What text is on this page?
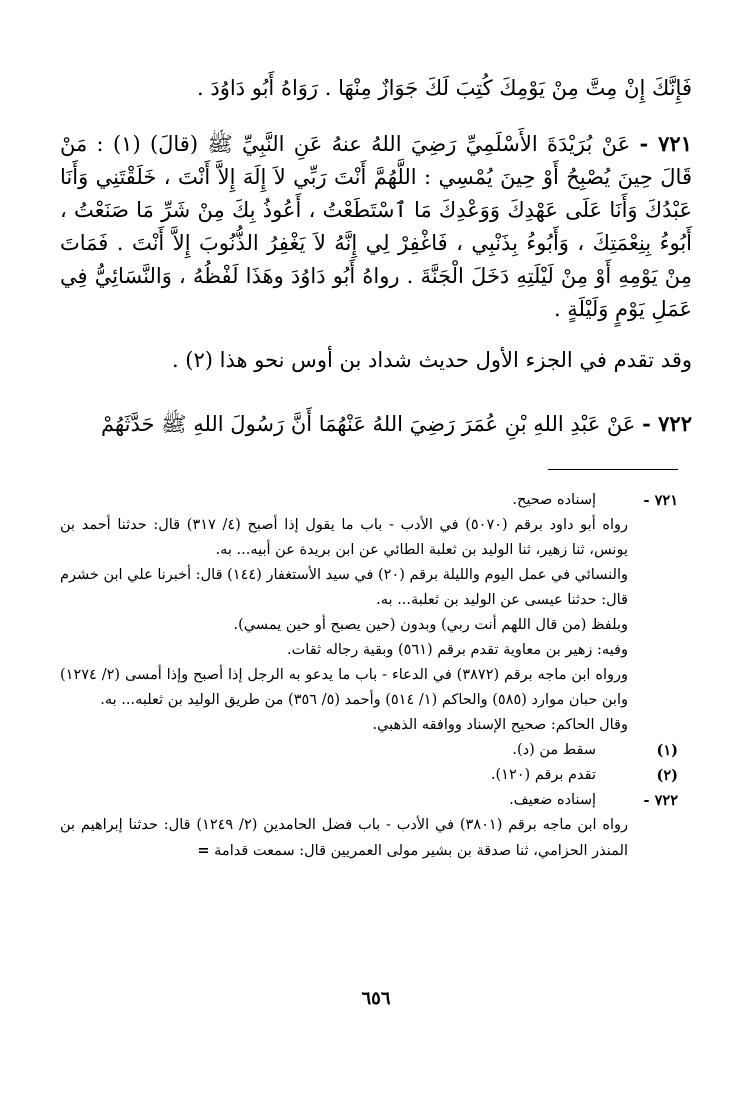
فَإِنَّكَ إِنْ مِتَّ مِنْ يَوْمِكَ كُتِبَ لَكَ جَوَازٌ مِنْهَا . رَوَاهُ أَبُو دَاوُدَ .

٧٢١ - عَنْ بُرَيْدَةَ الأَسْلَمِيِّ رَضِيَ اللهُ عنهُ عَنِ النَّبِيِّ ﷺ (قالَ) (١) : مَنْ قَالَ حِينَ يُصْبِحُ أَوْ حِينَ يُمْسِي : اللَّهُمَّ أَنْتَ رَبِّي لاَ إِلَهَ إِلاَّ أَنْتَ ، خَلَقْتَنِي وَأَنَا عَبْدُكَ وَأَنَا عَلَى عَهْدِكَ وَوَعْدِكَ مَا ٱسْتَطَعْتُ ، أَعُوذُ بِكَ مِنْ شَرِّ مَا صَنَعْتُ ، أَبُوءُ بِنِعْمَتِكَ ، وَأَبُوءُ بِذَنْبِي ، فَاغْفِرْ لِي إِنَّهُ لاَ يَغْفِرُ الذُّنُوبَ إِلاَّ أَنْتَ . فَمَاتَ مِنْ يَوْمِهِ أَوْ مِنْ لَيْلَتِهِ دَخَلَ الْجَنَّةَ . رواهُ أَبُو دَاوُدَ وهَذَا لَفْظُهُ ، وَالنَّسَائِيُّ فِي عَمَلِ يَوْمٍ وَلَيْلَةٍ .

وقد تقدم في الجزء الأول حديث شداد بن أوس نحو هذا (٢) .

٧٢٢ - عَنْ عَبْدِ اللهِ بْنِ عُمَرَ رَضِيَ اللهُ عَنْهُمَا أَنَّ رَسُولَ اللهِ ﷺ حَدَّثَهُمْ

٧٢١ -
إسناده صحيح.
رواه أبو داود برقم (٥٠٧٠) في الأدب - باب ما يقول إذا أصبح (٤/ ٣١٧) قال: حدثنا أحمد بن يونس، ثنا زهير، ثنا الوليد بن ثعلبة الطائي عن ابن بريدة عن أبيه... به.
والنسائي في عمل اليوم والليلة برقم (٢٠) في سيد الأستغفار (١٤٤) قال: أخبرنا علي ابن خشرم قال: حدثنا عيسى عن الوليد بن ثعلبة... به.
وبلفظ (من قال اللهم أنت ربي) وبدون (حين يصبح أو حين يمسي).
وفيه: زهير بن معاوية تقدم برقم (٥٦١) وبقية رجاله ثقات.
ورواه ابن ماجه برقم (٣٨٧٢) في الدعاء - باب ما يدعو به الرجل إذا أصبح وإذا أمسى (٢/ ١٢٧٤) وابن حبان موارد (٥٨٥) والحاكم (١/ ٥١٤) وأحمد (٥/ ٣٥٦) من طريق الوليد بن ثعلبه... به.
وقال الحاكم: صحيح الإسناد ووافقه الذهبي.
(١)
سقط من (د).
(٢)
تقدم برقم (١٢٠).
٧٢٢ -
إسناده ضعيف.
رواه ابن ماجه برقم (٣٨٠١) في الأدب - باب فضل الحامدين (٢/ ١٢٤٩) قال: حدثنا إبراهيم بن المنذر الحزامي، ثنا صدقة بن بشير مولى العمريين قال: سمعت قدامة =
٦٥٦
